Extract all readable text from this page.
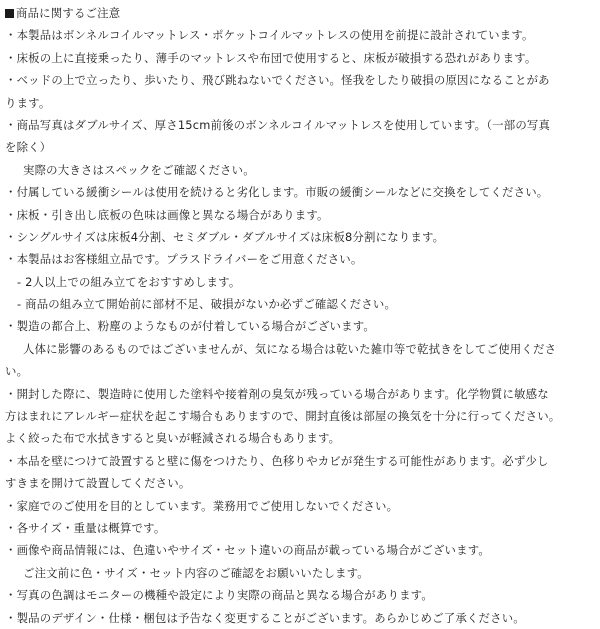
商品に関するご注意
・本製品はボンネルコイルマットレス・ポケットコイルマットレスの使用を前提に設計されています。
・床板の上に直接乗ったり、薄手のマットレスや布団で使用すると、床板が破損する恐れがあります。
・ベッドの上で立ったり、歩いたり、飛び跳ねないでください。怪我をしたり破損の原因になることがあ
ります。
・商品写真はダブルサイズ、厚さ15cm前後のボンネルコイルマットレスを使用しています。（一部の写真
を除く）
実際の大きさはスペックをご確認ください。
・付属している緩衝シールは使用を続けると劣化します。市販の緩衝シールなどに交換をしてください。
・床板・引き出し底板の色味は画像と異なる場合があります。
・シングルサイズは床板4分割、セミダブル・ダブルサイズは床板8分割になります。
・本製品はお客様組立品です。プラスドライバーをご用意ください。
- 2人以上での組み立てをおすすめします。
- 商品の組み立て開始前に部材不足、破損がないか必ずご確認ください。
・製造の都合上、粉塵のようなものが付着している場合がございます。
人体に影響のあるものではございませんが、気になる場合は乾いた雑巾等で乾拭きをしてご使用くださ
い。
・開封した際に、製造時に使用した塗料や接着剤の臭気が残っている場合があります。化学物質に敏感な
方はまれにアレルギー症状を起こす場合もありますので、開封直後は部屋の換気を十分に行ってください。
よく絞った布で水拭きすると臭いが軽減される場合もあります。
・本品を壁につけて設置すると壁に傷をつけたり、色移りやカビが発生する可能性があります。必ず少し
すきまを開けて設置してください。
・家庭でのご使用を目的としています。業務用でご使用しないでください。
・各サイズ・重量は概算です。
・画像や商品情報には、色違いやサイズ・セット違いの商品が載っている場合がございます。
ご注文前に色・サイズ・セット内容のご確認をお願いいたします。
・写真の色調はモニターの機種や設定により実際の商品と異なる場合があります。
・製品のデザイン・仕様・梱包は予告なく変更することがございます。あらかじめご了承ください。
